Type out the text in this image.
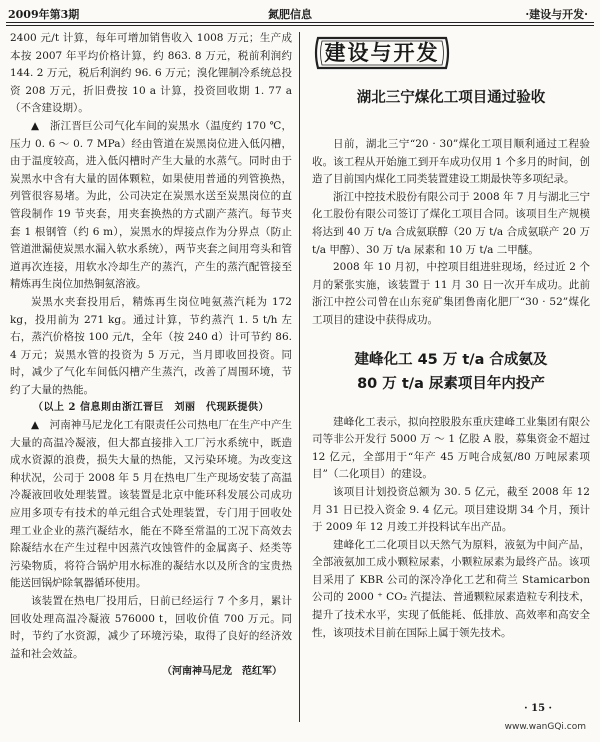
2009年第3期	氮肥信息	·建设与开发·

2400 元/t 计算，每年可增加销售收入 1008 万元；生产成本按 2007 年平均价格计算，约 863. 8 万元，税前利润约 144. 2 万元，税后利润约 96. 6 万元；溴化锂制冷系统总投资 208 万元，折旧费按 10 a 计算，投资回收期 1. 77 a（不含建设期）。

▲　浙江晋巨公司气化车间的炭黑水（温度约 170 ℃，压力 0. 6 ～ 0. 7 MPa）经由管道在炭黑岗位进入低闪槽，由于温度较高，进入低闪槽时产生大量的水蒸气。同时由于炭黑水中含有大量的固体颗粒，如果使用普通的列管换热，列管很容易堵。为此，公司决定在炭黑水送至炭黑岗位的直管段制作 19 节夹套，用夹套换热的方式副产蒸汽。每节夹套 1 根钢管（约 6 m），炭黑水的焊接点作为分界点（防止管道泄漏使炭黑水漏入软水系统），两节夹套之间用弯头和管道再次连接，用软水冷却生产的蒸汽，产生的蒸汽配管接至精炼再生岗位加热铜氨溶液。

炭黑水夹套投用后，精炼再生岗位吨氨蒸汽耗为 172 kg，投用前为 271 kg。通过计算，节约蒸汽 1. 5 t/h 左右，蒸汽价格按 100 元/t，全年（按 240 d）计可节约 86. 4 万元；炭黑水管的投资为 5 万元，当月即收回投资。同时，减少了气化车间低闪槽产生蒸汽，改善了周围环境，节约了大量的热能。

（以上 2 信息則由浙江晋巨　刘丽　代现跃提供）

▲　河南神马尼龙化工有限责任公司热电厂在生产中产生大量的高温冷凝液，但大都直接排入工厂污水系统中，既造成水资源的浪费，损失大量的热能，又污染环境。为改变这种状况，公司于 2008 年 5 月在热电厂生产现场安装了高温冷凝液回收处理装置。该装置是北京中能环科发展公司成功应用多项专有技术的单元组合式处理装置，专门用于回收处理工业企业的蒸汽凝结水，能在不降至常温的工况下高效去除凝结水在产生过程中因蒸汽攻蚀管件的金属离子、烃类等污染物质，将符合锅炉用水标准的凝结水以及所含的宝贵热能送回锅炉除氧器循环使用。

该装置在热电厂投用后，日前已经运行 7 个多月，累计回收处理高温冷凝液 576000 t，回收价值 700 万元。同时，节约了水资源，减少了环境污染，取得了良好的经济效益和社会效益。

（河南神马尼龙　范红军）

建设与开发

湖北三宁煤化工项目通过验收

日前，湖北三宁“20 · 30”煤化工项目顺利通过工程验收。该工程从开始施工到开车成功仅用 1 个多月的时间，创造了目前国内煤化工同类装置建设工期最快等多项纪录。

浙江中控技术股份有限公司于 2008 年 7 月与湖北三宁化工股份有限公司签订了煤化工项目合同。该项目生产规模将达到 40 万 t/a 合成氨联醇（20 万 t/a 合成氨联产 20 万 t/a 甲醇）、30 万 t/a 尿素和 10 万 t/a 二甲醚。

2008 年 10 月初，中控项目组进驻现场，经过近 2 个月的紧张实施，该装置于 11 月 30 日一次开车成功。此前浙江中控公司曾在山东兖矿集团鲁南化肥厂“30 · 52”煤化工项目的建设中获得成功。

建峰化工 45 万 t/a 合成氨及

80 万 t/a 尿素项目年内投产

建峰化工表示，拟向控股股东重庆建峰工业集团有限公司等非公开发行 5000 万 ～ 1 亿股 A 股，募集资金不超过 12 亿元，全部用于“年产 45 万吨合成氨/80 万吨尿素项目”（二化项目）的建设。

该项目计划投资总额为 30. 5 亿元，截至 2008 年 12 月 31 日已投入资金 9. 4 亿元。项目建设期 34 个月，预计于 2009 年 12 月竣工并投料试车出产品。

建峰化工二化项目以天然气为原料，液氨为中间产品，全部液氨加工成小颗粒尿素，小颗粒尿素为最终产品。该项目采用了 KBR 公司的深冷净化工艺和荷兰 Stamicarbon 公司的 2000 ⁺ CO₂ 汽提法、普通颗粒尿素造粒专利技术，提升了技术水平，实现了低能耗、低排放、高效率和高安全性，该项技术目前在国际上属于领先技术。

· 15 ·
www.wanGQi.com
